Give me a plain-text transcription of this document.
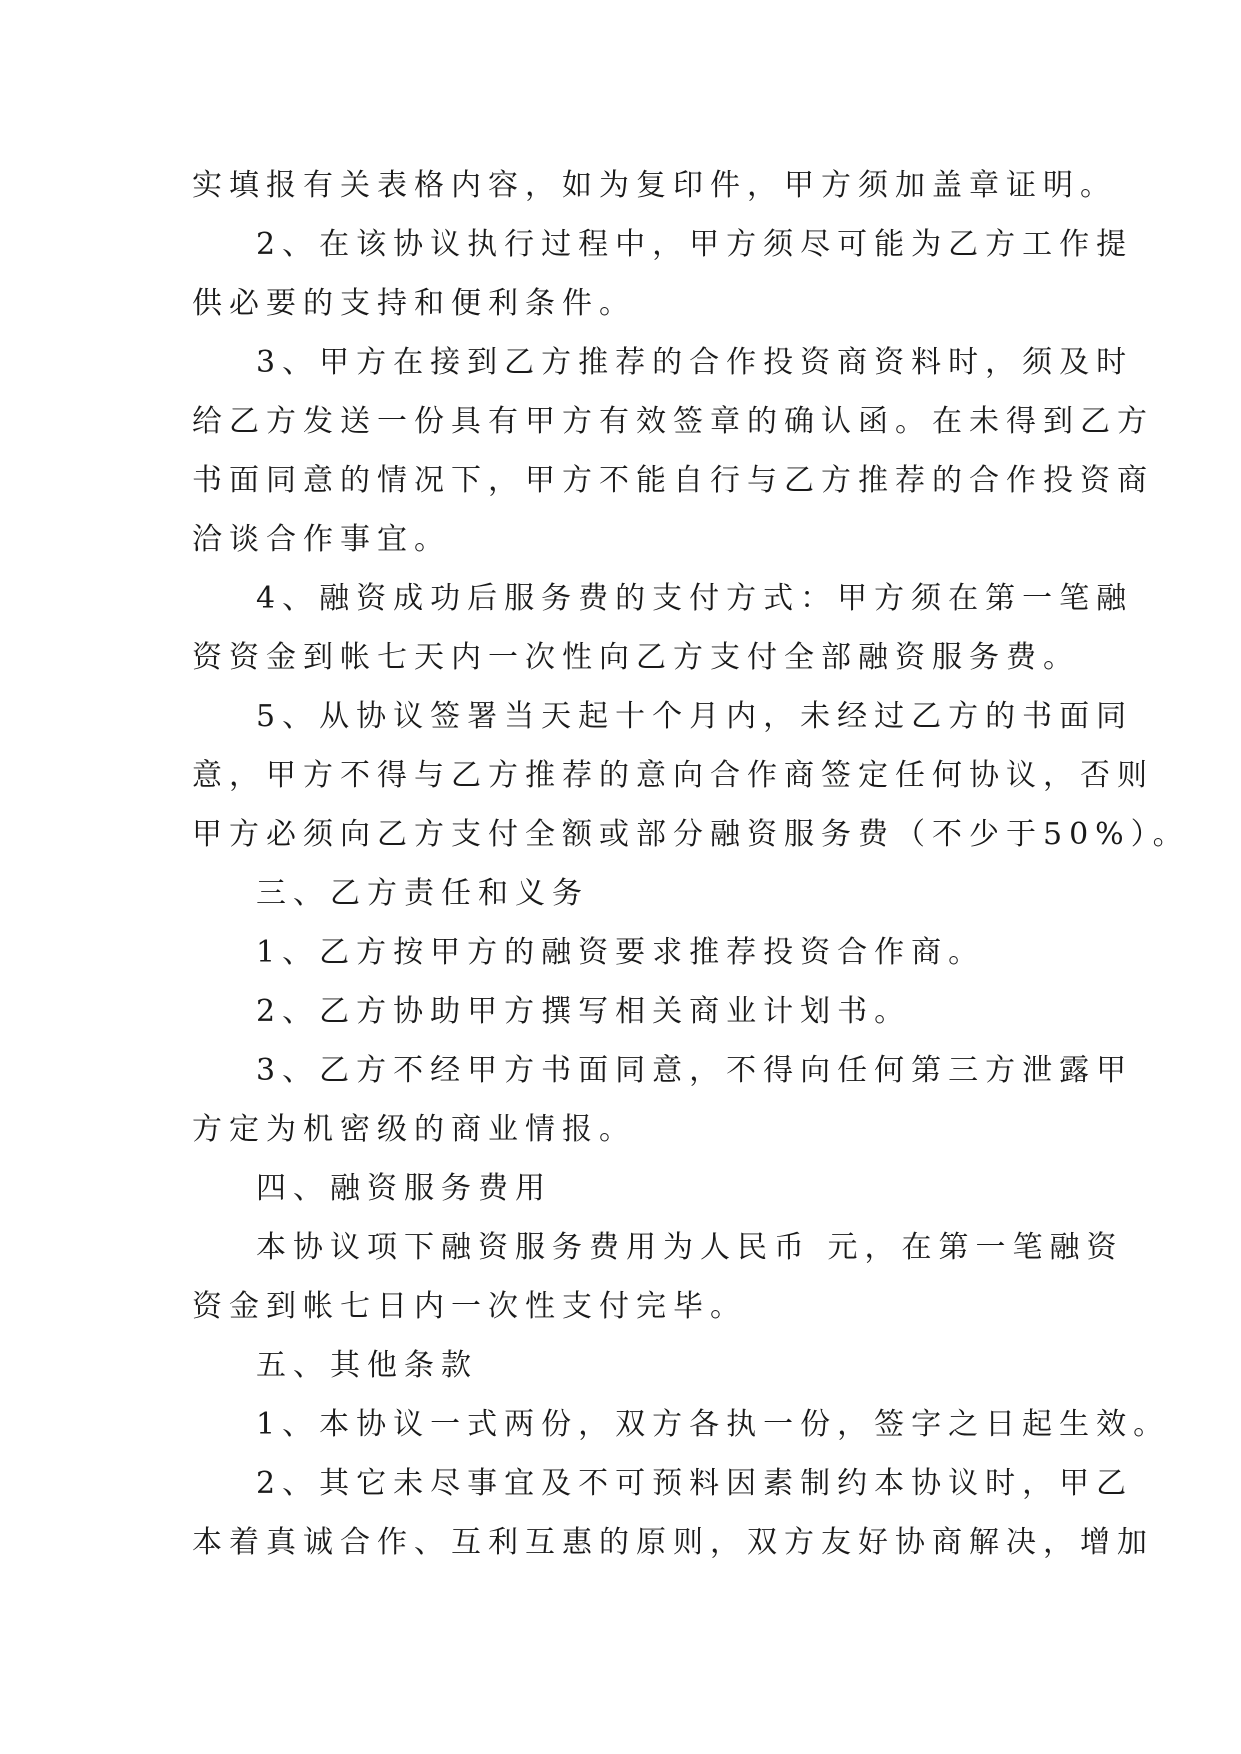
实填报有关表格内容，如为复印件，甲方须加盖章证明。
2、在该协议执行过程中，甲方须尽可能为乙方工作提
供必要的支持和便利条件。
3、甲方在接到乙方推荐的合作投资商资料时，须及时
给乙方发送一份具有甲方有效签章的确认函。在未得到乙方
书面同意的情况下，甲方不能自行与乙方推荐的合作投资商
洽谈合作事宜。
4、融资成功后服务费的支付方式：甲方须在第一笔融
资资金到帐七天内一次性向乙方支付全部融资服务费。
5、从协议签署当天起十个月内，未经过乙方的书面同
意，甲方不得与乙方推荐的意向合作商签定任何协议，否则
甲方必须向乙方支付全额或部分融资服务费（不少于50%）。
三、乙方责任和义务
1、乙方按甲方的融资要求推荐投资合作商。
2、乙方协助甲方撰写相关商业计划书。
3、乙方不经甲方书面同意，不得向任何第三方泄露甲
方定为机密级的商业情报。
四、融资服务费用
本协议项下融资服务费用为人民币 元，在第一笔融资
资金到帐七日内一次性支付完毕。
五、其他条款
1、本协议一式两份，双方各执一份，签字之日起生效。
2、其它未尽事宜及不可预料因素制约本协议时，甲乙
本着真诚合作、互利互惠的原则，双方友好协商解决，增加
